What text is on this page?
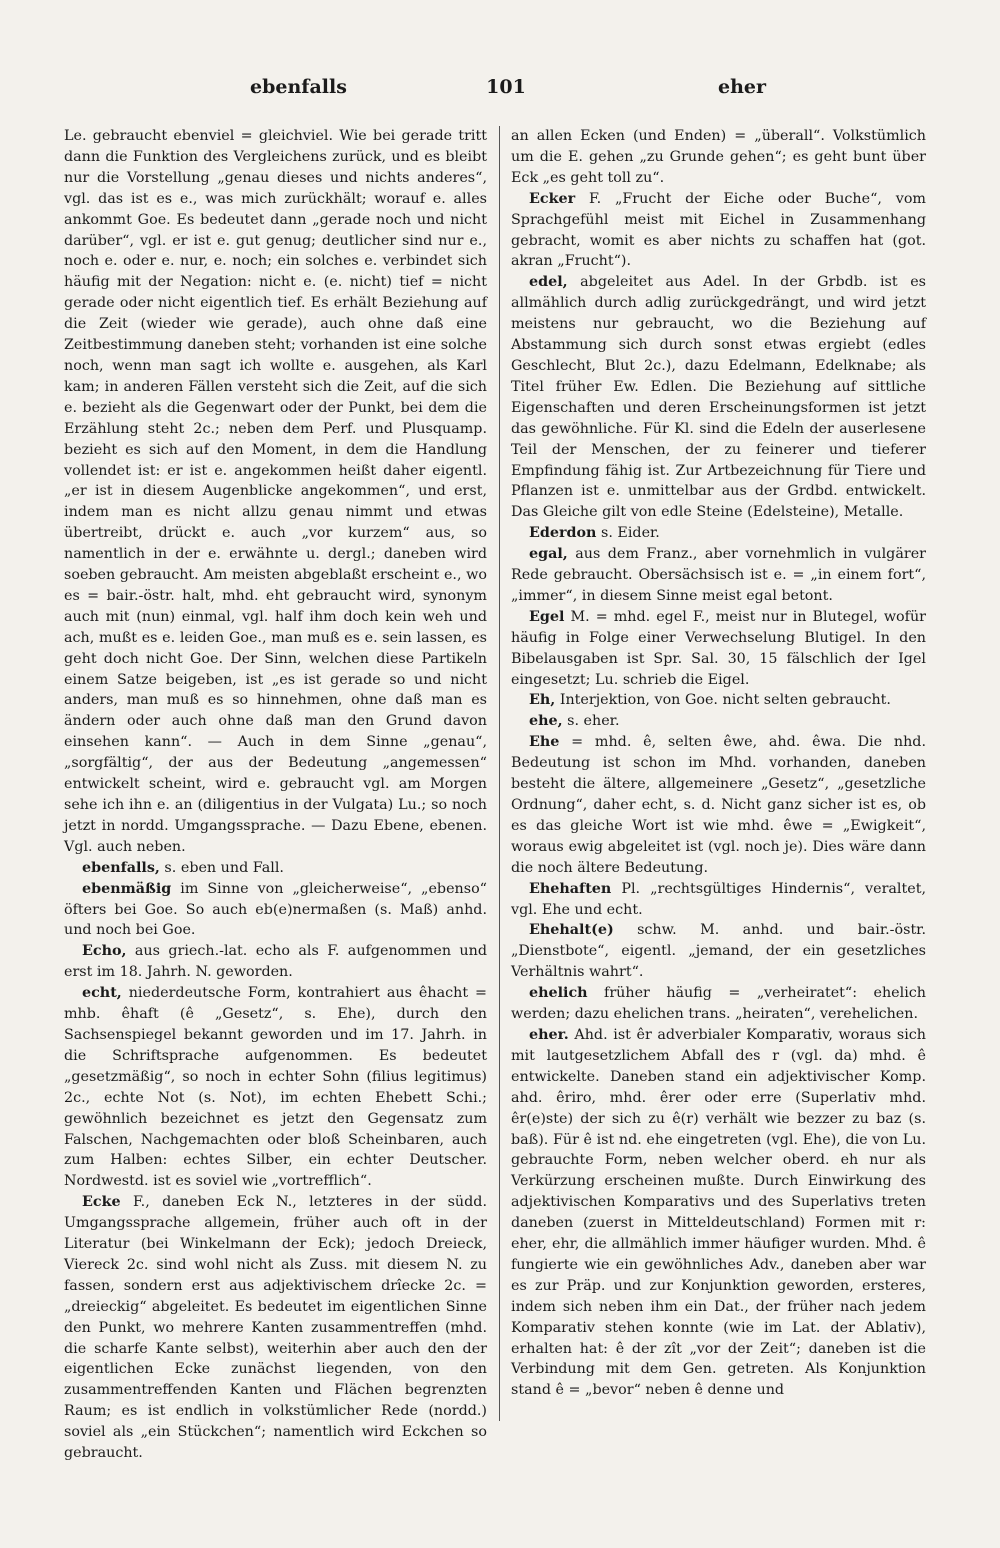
ebenfalls	101	eher

Le. gebraucht ebenviel = gleichviel. Wie bei gerade tritt dann die Funktion des Vergleichens zurück, und es bleibt nur die Vorstellung „genau dieses und nichts anderes“, vgl. das ist es e., was mich zurückhält; worauf e. alles ankommt Goe. Es bedeutet dann „gerade noch und nicht darüber“, vgl. er ist e. gut genug; deutlicher sind nur e., noch e. oder e. nur, e. noch; ein solches e. verbindet sich häufig mit der Negation: nicht e. (e. nicht) tief = nicht gerade oder nicht eigentlich tief. Es erhält Beziehung auf die Zeit (wieder wie gerade), auch ohne daß eine Zeitbestimmung daneben steht; vorhanden ist eine solche noch, wenn man sagt ich wollte e. ausgehen, als Karl kam; in anderen Fällen versteht sich die Zeit, auf die sich e. bezieht als die Gegenwart oder der Punkt, bei dem die Erzählung steht 2c.; neben dem Perf. und Plusquamp. bezieht es sich auf den Moment, in dem die Handlung vollendet ist: er ist e. angekommen heißt daher eigentl. „er ist in diesem Augenblicke angekommen“, und erst, indem man es nicht allzu genau nimmt und etwas übertreibt, drückt e. auch „vor kurzem“ aus, so namentlich in der e. erwähnte u. dergl.; daneben wird soeben gebraucht. Am meisten abgeblaßt erscheint e., wo es = bair.-östr. halt, mhd. eht gebraucht wird, synonym auch mit (nun) einmal, vgl. half ihm doch kein weh und ach, mußt es e. leiden Goe., man muß es e. sein lassen, es geht doch nicht Goe. Der Sinn, welchen diese Partikeln einem Satze beigeben, ist „es ist gerade so und nicht anders, man muß es so hinnehmen, ohne daß man es ändern oder auch ohne daß man den Grund davon einsehen kann“. — Auch in dem Sinne „genau“, „sorgfältig“, der aus der Bedeutung „angemessen“ entwickelt scheint, wird e. gebraucht vgl. am Morgen sehe ich ihn e. an (diligentius in der Vulgata) Lu.; so noch jetzt in nordd. Umgangssprache. — Dazu Ebene, ebenen. Vgl. auch neben.

ebenfalls, s. eben und Fall.

ebenmäßig im Sinne von „gleicherweise“, „ebenso“ öfters bei Goe. So auch eb(e)nermaßen (s. Maß) anhd. und noch bei Goe.

Echo, aus griech.-lat. echo als F. aufgenommen und erst im 18. Jahrh. N. geworden.

echt, niederdeutsche Form, kontrahiert aus êhacht = mhb. êhaft (ê „Gesetz“, s. Ehe), durch den Sachsenspiegel bekannt geworden und im 17. Jahrh. in die Schriftsprache aufgenommen. Es bedeutet „gesetzmäßig“, so noch in echter Sohn (filius legitimus) 2c., echte Not (s. Not), im echten Ehebett Schi.; gewöhnlich bezeichnet es jetzt den Gegensatz zum Falschen, Nachgemachten oder bloß Scheinbaren, auch zum Halben: echtes Silber, ein echter Deutscher. Nordwestd. ist es soviel wie „vortrefflich“.

Ecke F., daneben Eck N., letzteres in der südd. Umgangssprache allgemein, früher auch oft in der Literatur (bei Winkelmann der Eck); jedoch Dreieck, Viereck 2c. sind wohl nicht als Zuss. mit diesem N. zu fassen, sondern erst aus adjektivischem drîecke 2c. = „dreieckig“ abgeleitet. Es bedeutet im eigentlichen Sinne den Punkt, wo mehrere Kanten zusammentreffen (mhd. die scharfe Kante selbst), weiterhin aber auch den der eigentlichen Ecke zunächst liegenden, von den zusammentreffenden Kanten und Flächen begrenzten Raum; es ist endlich in volkstümlicher Rede (nordd.) soviel als „ein Stückchen“; namentlich wird Eckchen so gebraucht.

an allen Ecken (und Enden) = „überall“. Volkstümlich um die E. gehen „zu Grunde gehen“; es geht bunt über Eck „es geht toll zu“.

Ecker F. „Frucht der Eiche oder Buche“, vom Sprachgefühl meist mit Eichel in Zusammenhang gebracht, womit es aber nichts zu schaffen hat (got. akran „Frucht“).

edel, abgeleitet aus Adel. In der Grbdb. ist es allmählich durch adlig zurückgedrängt, und wird jetzt meistens nur gebraucht, wo die Beziehung auf Abstammung sich durch sonst etwas ergiebt (edles Geschlecht, Blut 2c.), dazu Edelmann, Edelknabe; als Titel früher Ew. Edlen. Die Beziehung auf sittliche Eigenschaften und deren Erscheinungsformen ist jetzt das gewöhnliche. Für Kl. sind die Edeln der auserlesene Teil der Menschen, der zu feinerer und tieferer Empfindung fähig ist. Zur Artbezeichnung für Tiere und Pflanzen ist e. unmittelbar aus der Grdbd. entwickelt. Das Gleiche gilt von edle Steine (Edelsteine), Metalle.

Ederdon s. Eider.

egal, aus dem Franz., aber vornehmlich in vulgärer Rede gebraucht. Obersächsisch ist e. = „in einem fort“, „immer“, in diesem Sinne meist egal betont.

Egel M. = mhd. egel F., meist nur in Blutegel, wofür häufig in Folge einer Verwechselung Blutigel. In den Bibelausgaben ist Spr. Sal. 30, 15 fälschlich der Igel eingesetzt; Lu. schrieb die Eigel.

Eh, Interjektion, von Goe. nicht selten gebraucht.

ehe, s. eher.

Ehe = mhd. ê, selten êwe, ahd. êwa. Die nhd. Bedeutung ist schon im Mhd. vorhanden, daneben besteht die ältere, allgemeinere „Gesetz“, „gesetzliche Ordnung“, daher echt, s. d. Nicht ganz sicher ist es, ob es das gleiche Wort ist wie mhd. êwe = „Ewigkeit“, woraus ewig abgeleitet ist (vgl. noch je). Dies wäre dann die noch ältere Bedeutung.

Ehehaften Pl. „rechtsgültiges Hindernis“, veraltet, vgl. Ehe und echt.

Ehehalt(e) schw. M. anhd. und bair.-östr. „Dienstbote“, eigentl. „jemand, der ein gesetzliches Verhältnis wahrt“.

ehelich früher häufig = „verheiratet“: ehelich werden; dazu ehelichen trans. „heiraten“, verehelichen.

eher. Ahd. ist êr adverbialer Komparativ, woraus sich mit lautgesetzlichem Abfall des r (vgl. da) mhd. ê entwickelte. Daneben stand ein adjektivischer Komp. ahd. êriro, mhd. êrer oder erre (Superlativ mhd. êr(e)ste) der sich zu ê(r) verhält wie bezzer zu baz (s. baß). Für ê ist nd. ehe eingetreten (vgl. Ehe), die von Lu. gebrauchte Form, neben welcher oberd. eh nur als Verkürzung erscheinen mußte. Durch Einwirkung des adjektivischen Komparativs und des Superlativs treten daneben (zuerst in Mitteldeutschland) Formen mit r: eher, ehr, die allmählich immer häufiger wurden. Mhd. ê fungierte wie ein gewöhnliches Adv., daneben aber war es zur Präp. und zur Konjunktion geworden, ersteres, indem sich neben ihm ein Dat., der früher nach jedem Komparativ stehen konnte (wie im Lat. der Ablativ), erhalten hat: ê der zît „vor der Zeit“; daneben ist die Verbindung mit dem Gen. getreten. Als Konjunktion stand ê = „bevor“ neben ê denne und
